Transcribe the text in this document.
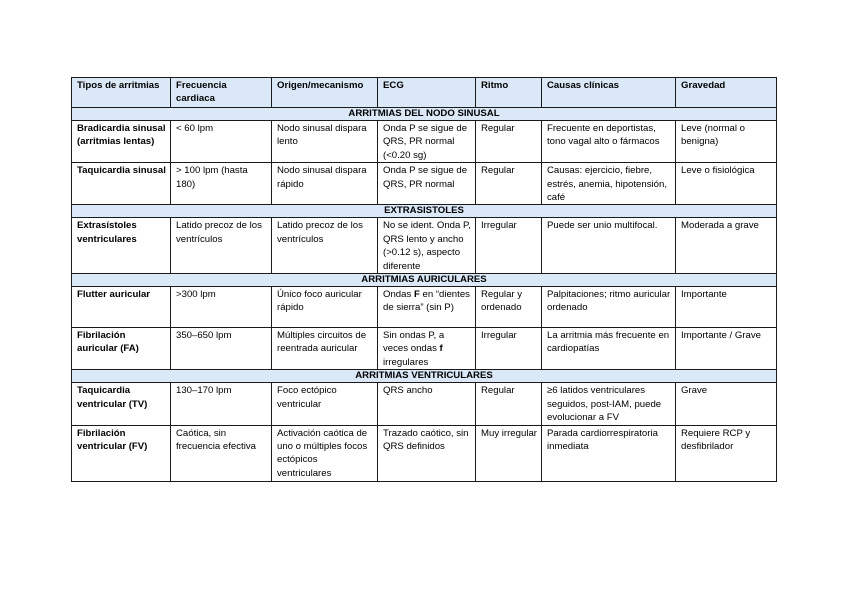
Tipos de arritmias	Frecuencia cardiaca	Origen/mecanismo	ECG	Ritmo	Causas clínicas	Gravedad
ARRITMIAS DEL NODO SINUSAL						
Bradicardia sinusal (arritmias lentas)	< 60 lpm	Nodo sinusal dispara lento	Onda P se sigue de QRS, PR normal (<0.20 sg)	Regular	Frecuente en deportistas, tono vagal alto o fármacos	Leve (normal o benigna)
Taquicardia sinusal	> 100 lpm (hasta 180)	Nodo sinusal dispara rápido	Onda P se sigue de QRS, PR normal	Regular	Causas: ejercicio, fiebre, estrés, anemia, hipotensión, café	Leve o fisiológica
EXTRASISTOLES						
Extrasístoles ventriculares	Latido precoz de los ventrículos	Latido precoz de los ventrículos	No se ident. Onda P, QRS lento y ancho (>0.12 s), aspecto diferente	Irregular	Puede ser unio multifocal.	Moderada a grave
ARRITMIAS AURICULARES						
Flutter auricular	>300 lpm	Único foco auricular rápido	Ondas F en “dientes de sierra” (sin P)	Regular y ordenado	Palpitaciones; ritmo auricular ordenado	Importante
Fibrilación auricular (FA)	350–650 lpm	Múltiples circuitos de reentrada auricular	Sin ondas P, a veces ondas f irregulares	Irregular	La arritmia más frecuente en cardiopatías	Importante / Grave
ARRITMIAS VENTRICULARES						
Taquicardia ventricular (TV)	130–170 lpm	Foco ectópico ventricular	QRS ancho	Regular	≥6 latidos ventriculares seguidos, post-IAM, puede evolucionar a FV	Grave
Fibrilación ventricular (FV)	Caótica, sin frecuencia efectiva	Activación caótica de uno o múltiples focos ectópicos ventriculares	Trazado caótico, sin QRS definidos	Muy irregular	Parada cardiorrespiratoria inmediata	Requiere RCP y desfibrilador
